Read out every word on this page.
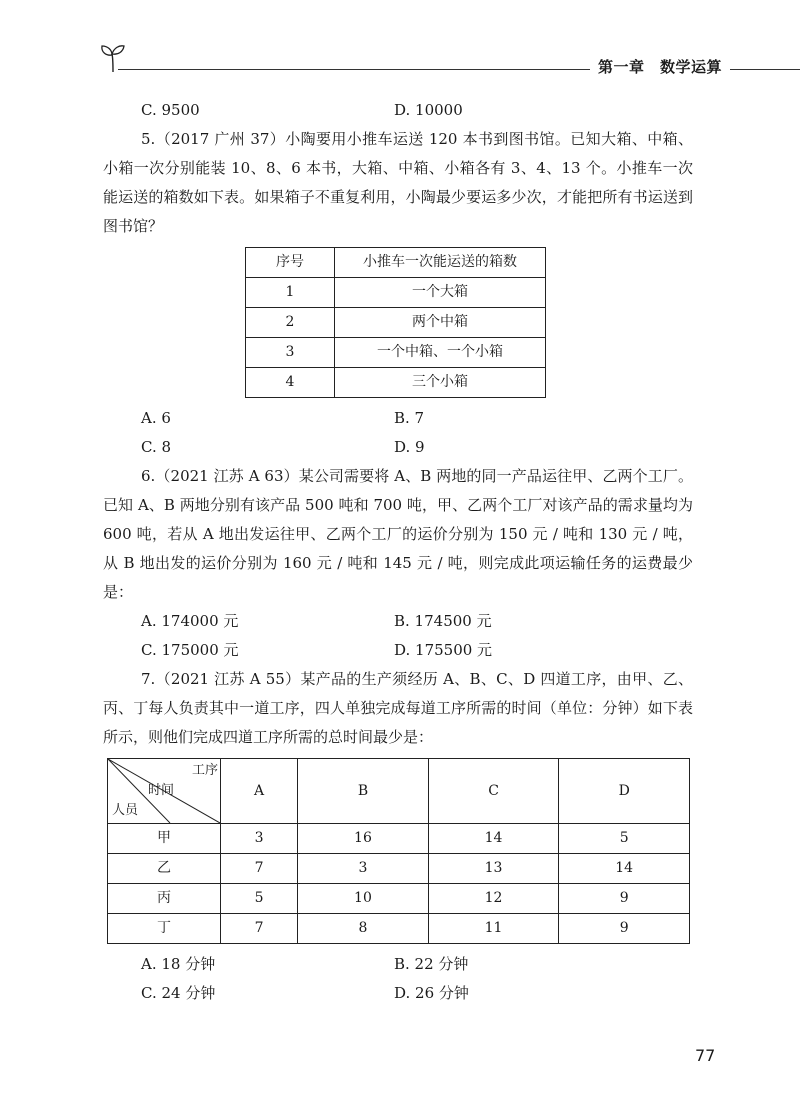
第一章　数学运算
C. 9500	D. 10000

5.（2017 广州 37）小陶要用小推车运送 120 本书到图书馆。已知大箱、中箱、小箱一次分别能装 10、8、6 本书，大箱、中箱、小箱各有 3、4、13 个。小推车一次能运送的箱数如下表。如果箱子不重复利用，小陶最少要运多少次，才能把所有书运送到图书馆？

序号	小推车一次能运送的箱数
1	一个大箱
2	两个中箱
3	一个中箱、一个小箱
4	三个小箱
A. 6	B. 7
C. 8	D. 9

6.（2021 江苏 A 63）某公司需要将 A、B 两地的同一产品运往甲、乙两个工厂。已知 A、B 两地分别有该产品 500 吨和 700 吨，甲、乙两个工厂对该产品的需求量均为 600 吨，若从 A 地出发运往甲、乙两个工厂的运价分别为 150 元 / 吨和 130 元 / 吨，从 B 地出发的运价分别为 160 元 / 吨和 145 元 / 吨，则完成此项运输任务的运费最少是：

A. 174000 元	B. 174500 元
C. 175000 元	D. 175500 元

7.（2021 江苏 A 55）某产品的生产须经历 A、B、C、D 四道工序，由甲、乙、丙、丁每人负责其中一道工序，四人单独完成每道工序所需的时间（单位：分钟）如下表所示，则他们完成四道工序所需的总时间最少是：

工序
时间
人员	A	B	C	D
甲	3	16	14	5
乙	7	3	13	14
丙	5	10	12	9
丁	7	8	11	9
A. 18 分钟	B. 22 分钟
C. 24 分钟	D. 26 分钟
77
